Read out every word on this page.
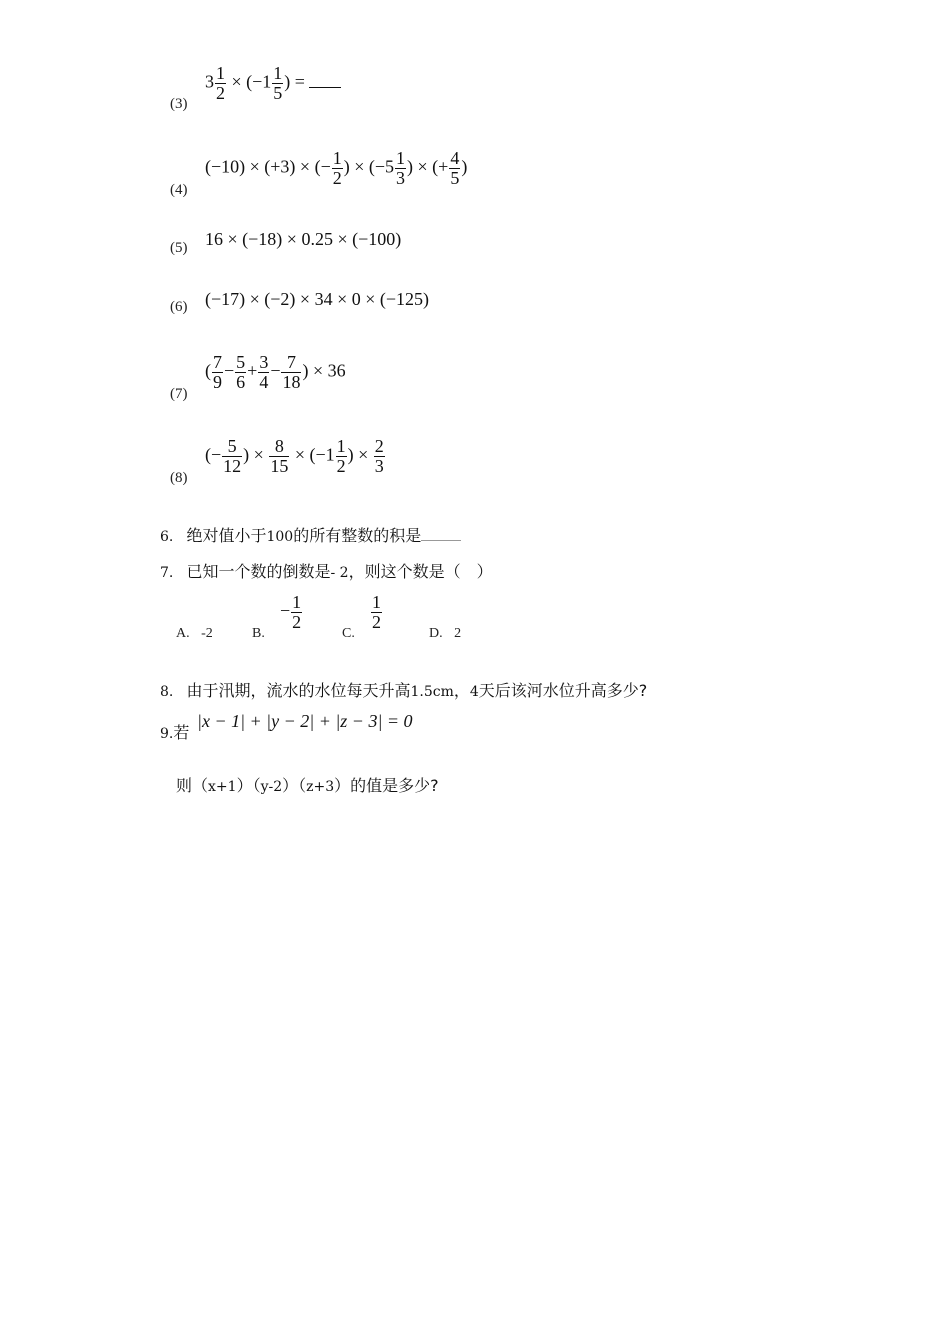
(3)
$3 \frac{1}{2} \times (-1 \frac{1}{5}$ ) =
(4)
(−10) × (+3) × (− $\frac{1}{2}$ ) × ($-5 \frac{1}{3}$ ) × (+ $\frac{4}{5}$ )
(5) 16 × (−18) × 0.25 × (−100)
(6) (−17) × (−2) × 34 × 0 × (−125)
(7)
( $\frac{7}{9} - \frac{5}{6} + \frac{3}{4} - \frac{7}{18}$ ) × 36
(8)
(− $\frac{5}{12}$ ) × $\frac{8}{15} \times (-1 \frac{1}{2}$ ) × $\frac{2}{3}$
6. 绝对值小于100的所有整数的积是
7. 已知一个数的倒数是- 2，则这个数是（　）
A. -2	B.
− $\frac{1}{2}$
C.
$\frac{1}{2}$
D. 2
8. 由于汛期，流水的水位每天升高1.5cm，4天后该河水位升高多少?
9.若
|x − 1| + |y − 2| + |z − 3| = 0
则（x+1）（y-2）（z+3）的值是多少?
